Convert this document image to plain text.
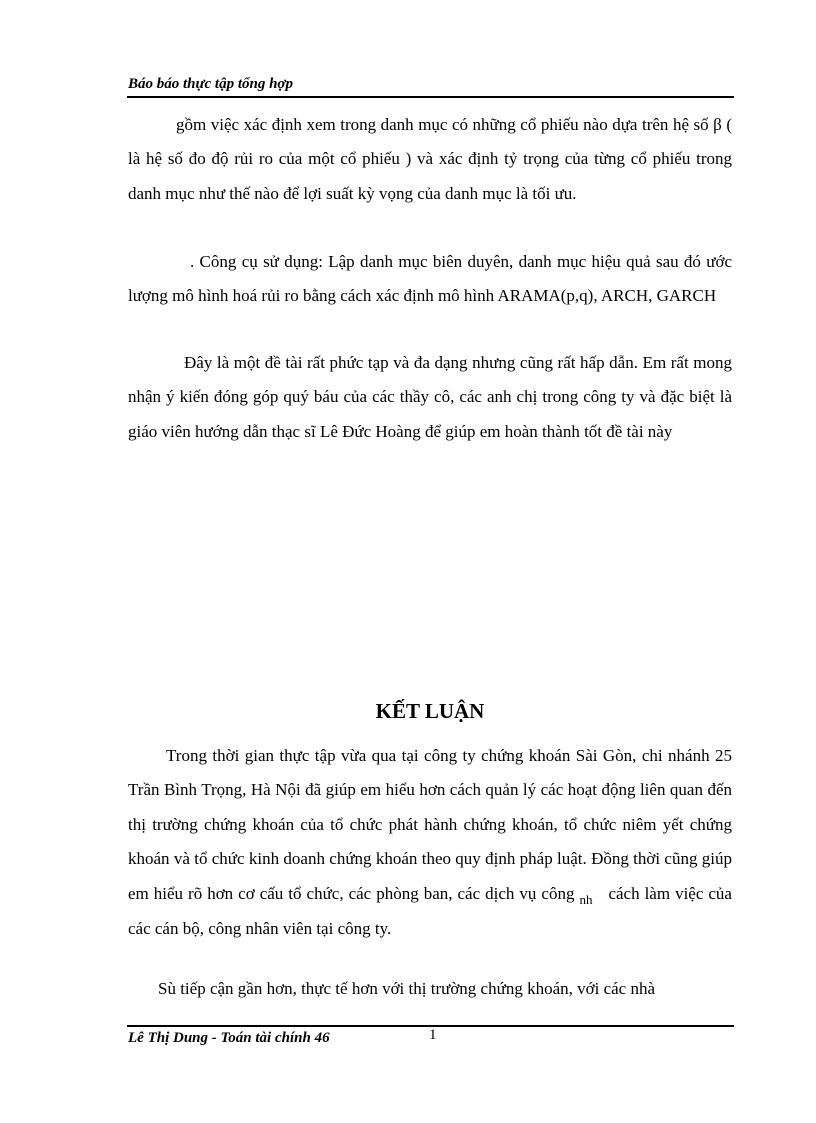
Báo báo thực tập tổng hợp

gồm việc xác định xem trong danh mục có những cổ phiếu nào dựa trên hệ số β ( là hệ số đo độ rủi ro của một cổ phiếu ) và xác định tỷ trọng của từng cổ phiếu trong danh mục như thế nào để lợi suất kỳ vọng của danh mục là tối ưu.

. Công cụ sử dụng: Lập danh mục biên duyên, danh mục hiệu quả sau đó ước lượng mô hình hoá rủi ro bằng cách xác định mô hình ARAMA(p,q), ARCH, GARCH

Đây là một đề tài rất phức tạp và đa dạng nhưng cũng rất hấp dẫn. Em rất mong nhận ý kiến đóng góp quý báu của các thầy cô, các anh chị trong công ty và đặc biệt là giáo viên hướng dẫn thạc sĩ Lê Đức Hoàng để giúp em hoàn thành tốt đề tài này

KẾT LUẬN

Trong thời gian thực tập vừa qua tại công ty chứng khoán Sài Gòn, chi nhánh 25 Trần Bình Trọng, Hà Nội đã giúp em hiểu hơn cách quản lý các hoạt động liên quan đến thị trường chứng khoán của tổ chức phát hành chứng khoán, tổ chức niêm yết chứng khoán và tổ chức kinh doanh chứng khoán theo quy định pháp luật. Đồng thời cũng giúp em hiểu rõ hơn cơ cấu tổ chức, các phòng ban, các dịch vụ công $_{nh}$ cách làm việc của các cán bộ, công nhân viên tại công ty.

Sù tiếp cận gần hơn, thực tế hơn với thị trường chứng khoán, với các nhà

Lê Thị Dung - Toán tài chính 46	1
